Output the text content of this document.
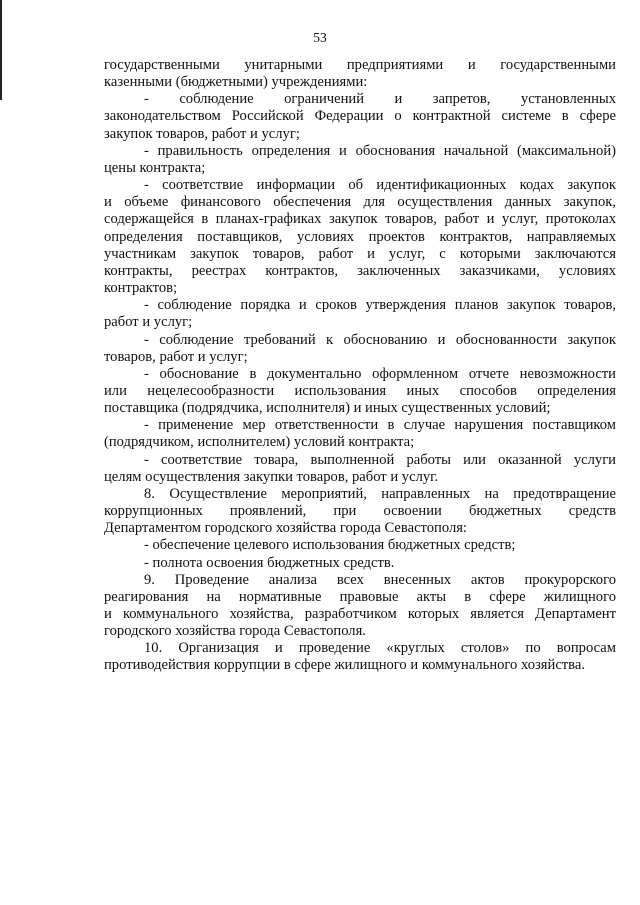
53
государственными унитарными предприятиями и государственными
казенными (бюджетными) учреждениями:
- соблюдение ограничений и запретов, установленных
законодательством Российской Федерации о контрактной системе в сфере
закупок товаров, работ и услуг;
- правильность определения и обоснования начальной (максимальной)
цены контракта;
- соответствие информации об идентификационных кодах закупок
и объеме финансового обеспечения для осуществления данных закупок,
содержащейся в планах-графиках закупок товаров, работ и услуг, протоколах
определения поставщиков, условиях проектов контрактов, направляемых
участникам закупок товаров, работ и услуг, с которыми заключаются
контракты, реестрах контрактов, заключенных заказчиками, условиях
контрактов;
- соблюдение порядка и сроков утверждения планов закупок товаров,
работ и услуг;
- соблюдение требований к обоснованию и обоснованности закупок
товаров, работ и услуг;
- обоснование в документально оформленном отчете невозможности
или нецелесообразности использования иных способов определения
поставщика (подрядчика, исполнителя) и иных существенных условий;
- применение мер ответственности в случае нарушения поставщиком
(подрядчиком, исполнителем) условий контракта;
- соответствие товара, выполненной работы или оказанной услуги
целям осуществления закупки товаров, работ и услуг.
8. Осуществление мероприятий, направленных на предотвращение
коррупционных проявлений, при освоении бюджетных средств
Департаментом городского хозяйства города Севастополя:
- обеспечение целевого использования бюджетных средств;
- полнота освоения бюджетных средств.
9. Проведение анализа всех внесенных актов прокурорского
реагирования на нормативные правовые акты в сфере жилищного
и коммунального хозяйства, разработчиком которых является Департамент
городского хозяйства города Севастополя.
10. Организация и проведение «круглых столов» по вопросам
противодействия коррупции в сфере жилищного и коммунального хозяйства.
